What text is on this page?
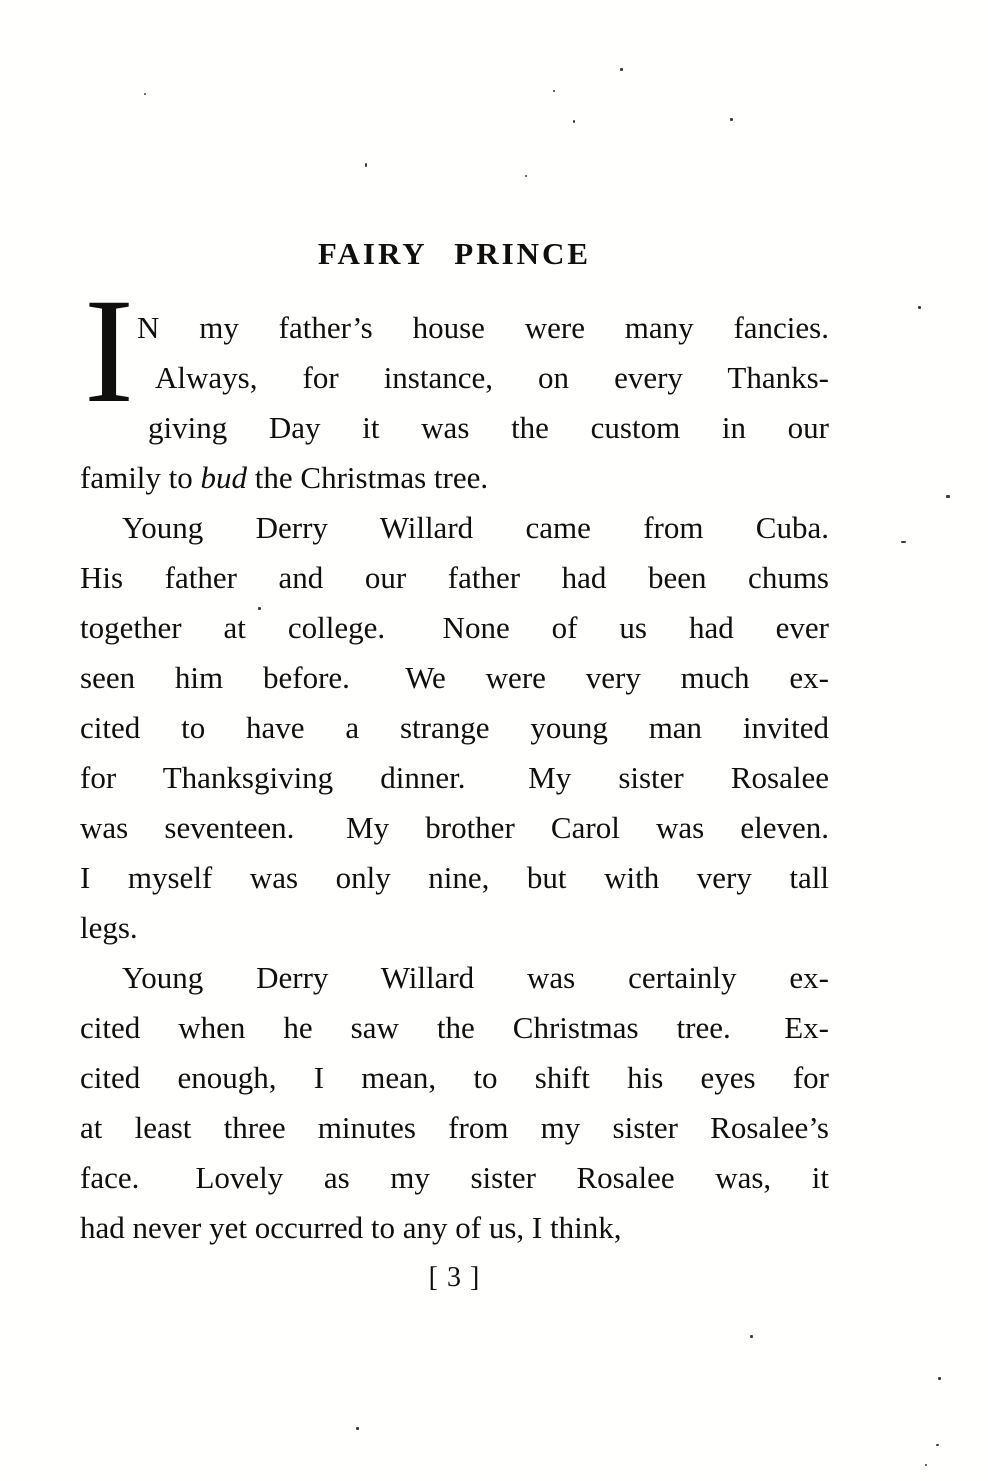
FAIRY PRINCE
I N my father’s house were many fancies.
Always, for instance, on every Thanks-
giving Day it was the custom in our
family to bud the Christmas tree.
Young Derry Willard came from Cuba.
His father and our father had been chums
together at college.  None of us had ever
seen him before.  We were very much ex-
cited to have a strange young man invited
for Thanksgiving dinner.  My sister Rosalee
was seventeen.  My brother Carol was eleven.
I myself was only nine, but with very tall
legs.
Young Derry Willard was certainly ex-
cited when he saw the Christmas tree.  Ex-
cited enough, I mean, to shift his eyes for
at least three minutes from my sister Rosalee’s
face.  Lovely as my sister Rosalee was, it
had never yet occurred to any of us, I think,
[ 3 ]
